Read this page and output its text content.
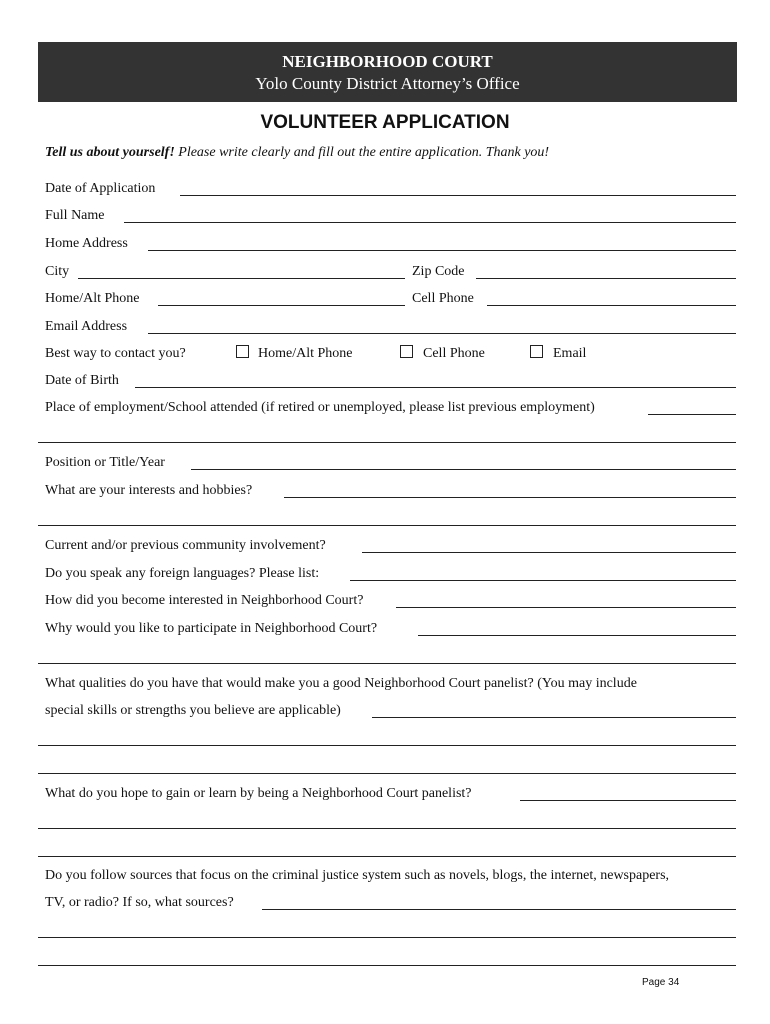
NEIGHBORHOOD COURT
Yolo County District Attorney’s Office
VOLUNTEER APPLICATION
Tell us about yourself! Please write clearly and fill out the entire application. Thank you!
Date of Application
Full Name
Home Address
City	Zip Code
Home/Alt Phone	Cell Phone
Email Address
Best way to contact you?	Home/Alt Phone	Cell Phone	Email
Date of Birth
Place of employment/School attended (if retired or unemployed, please list previous employment)
Position or Title/Year
What are your interests and hobbies?
Current and/or previous community involvement?
Do you speak any foreign languages? Please list:
How did you become interested in Neighborhood Court?
Why would you like to participate in Neighborhood Court?
What qualities do you have that would make you a good Neighborhood Court panelist? (You may include
special skills or strengths you believe are applicable)
What do you hope to gain or learn by being a Neighborhood Court panelist?
Do you follow sources that focus on the criminal justice system such as novels, blogs, the internet, newspapers,
TV, or radio? If so, what sources?
Page 34
